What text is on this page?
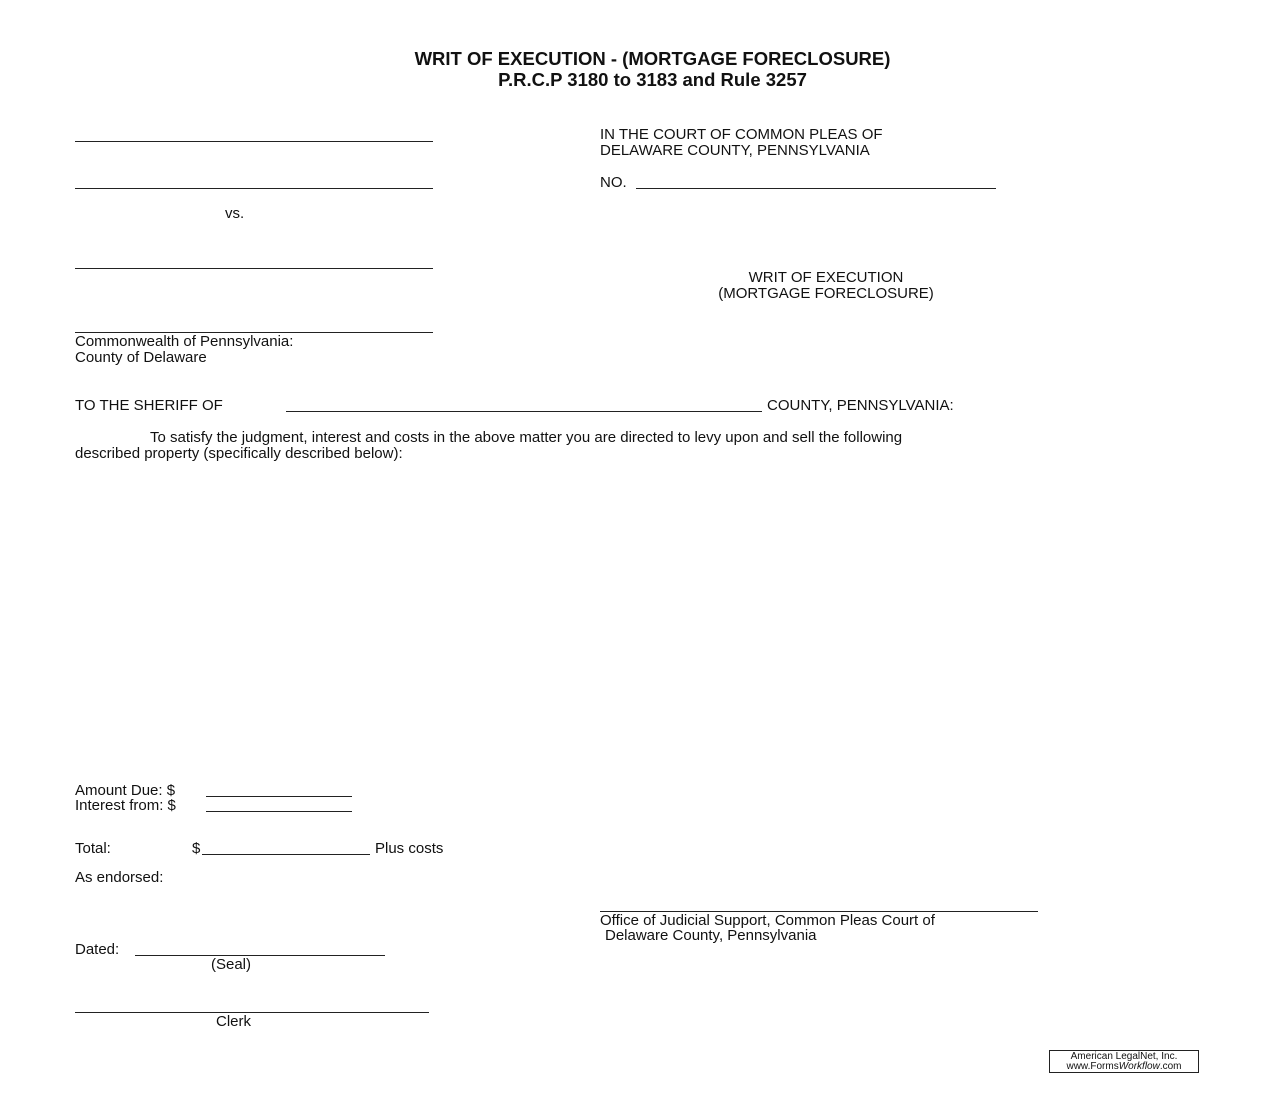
WRIT OF EXECUTION - (MORTGAGE FORECLOSURE)
P.R.C.P 3180 to 3183 and Rule 3257
vs.
IN THE COURT OF COMMON PLEAS OF
DELAWARE COUNTY, PENNSYLVANIA
NO.
WRIT OF EXECUTION
(MORTGAGE FORECLOSURE)
Commonwealth of Pennsylvania:
County of Delaware
TO THE SHERIFF OF	COUNTY, PENNSYLVANIA:
To satisfy the judgment, interest and costs in the above matter you are directed to levy upon and sell the following
described property (specifically described below):
Amount Due: $
Interest from: $
Total:	$	Plus costs
As endorsed:
Office of Judicial Support, Common Pleas Court of
Delaware County, Pennsylvania
Dated:
(Seal)
Clerk
American LegalNet, Inc.
www.FormsWorkflow.com
